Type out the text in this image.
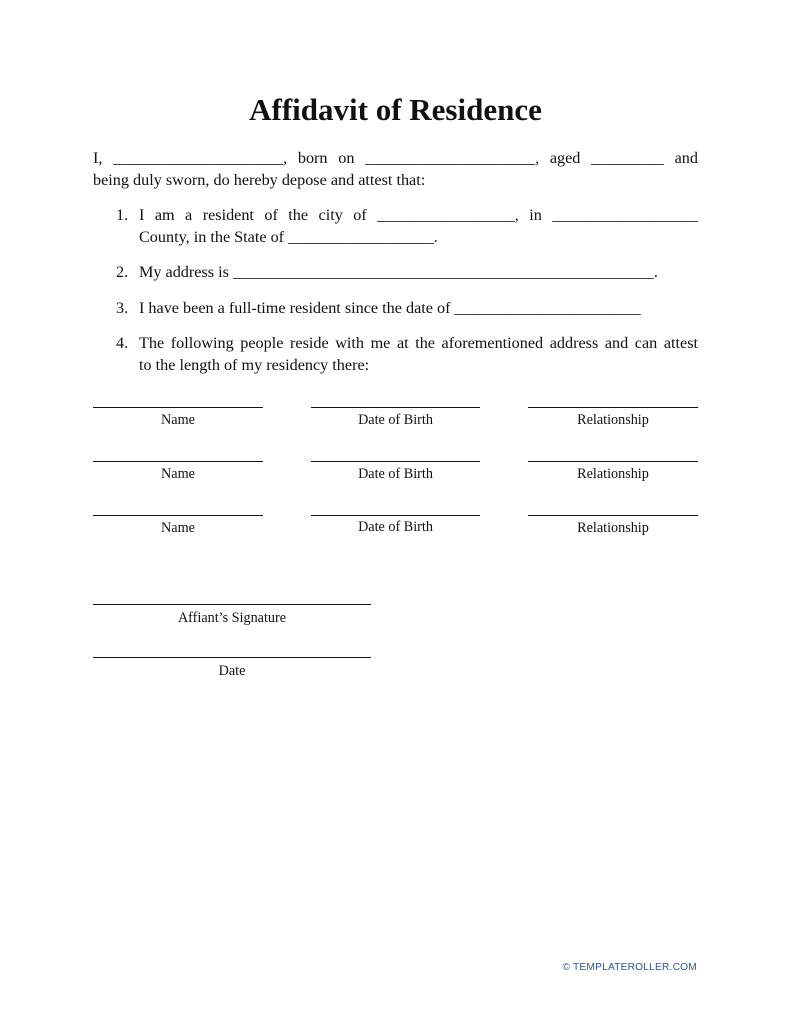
Affidavit of Residence
I, _____________________, born on _____________________, aged _________ and
being duly sworn, do hereby depose and attest that:
1. I am a resident of the city of _________________, in __________________
County, in the State of __________________.
2. My address is ____________________________________________________.
3. I have been a full-time resident since the date of _______________________
4. The following people reside with me at the aforementioned address and can attest
to the length of my residency there:
Name	Date of Birth	Relationship
Name	Date of Birth	Relationship
Name	Date of Birth	Relationship
Affiant’s Signature
Date
© TEMPLATEROLLER.COM
